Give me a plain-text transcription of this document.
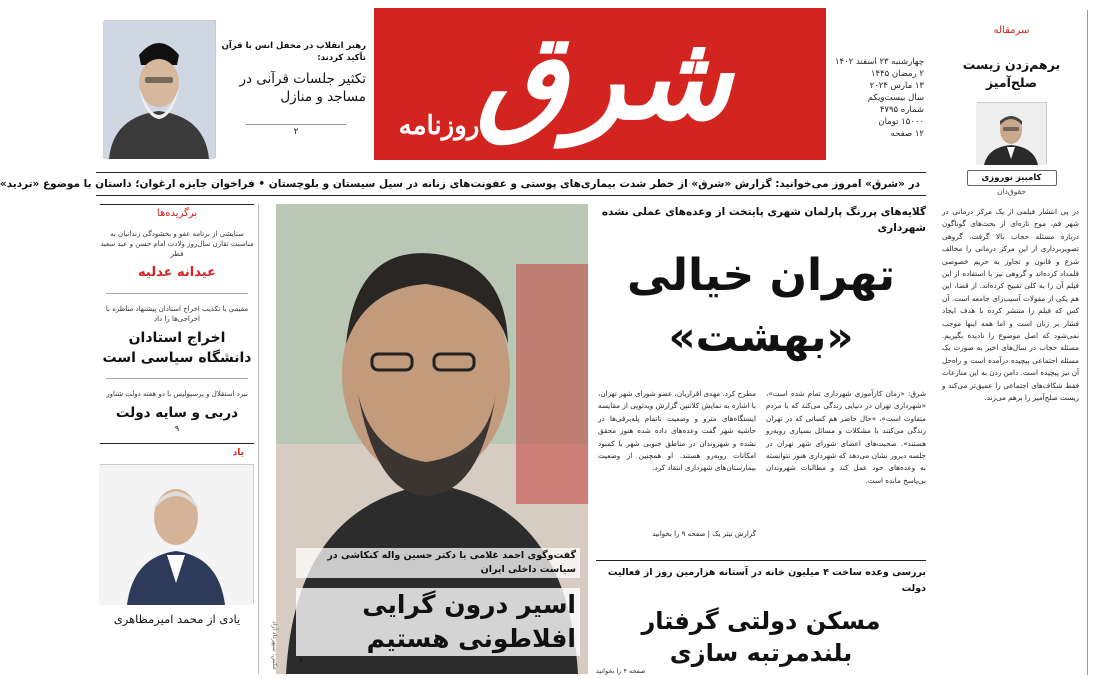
شرق
روزنامه
چهارشنبه ۲۳ اسفند ۱۴۰۲
۲ رمضان ۱۴۴۵
۱۳ مارس ۲۰۲۴
سال بیست‌ویکم
شماره ۴۷۹۵
۱۵۰۰۰ تومان
۱۲ صفحه
رهبر انقلاب در محفل انس با قرآن تأکید کردند:
تکثیر جلسات قرآنی در مساجد و منازل
۲
در «شرق» امروز می‌خوانید: گزارش «شرق» از خطر شدت بیماری‌های پوستی و عفونت‌های زنانه در سیل سیستان و بلوچستان • فراخوان جایزه ارغوان؛ داستان با موضوع «تردید»
سرمقاله
برهم‌زدن زیست صلح‌آمیز
کامبیز نوروزی
حقوق‌دان
در پی انتشار فیلمی از یک مرکز درمانی در شهر قم، موج تازه‌ای از بحث‌های گوناگون درباره مسئله حجاب بالا گرفت. گروهی تصویربرداری از این مرکز درمانی را مخالف شرع و قانون و تجاوز به حریم خصوصی قلمداد کرده‌اند و گروهی نیز با استفاده از این فیلم آن را به کلی تقبیح کرده‌اند. از قضا، این هم یکی از مقولات آسیب‌زای جامعه است. آن کس که فیلم را منتشر کرده با هدف ایجاد فشار بر زنان است و اما همه اینها موجب نمی‌شود که اصل موضوع را نادیده بگیریم. مسئله حجاب در سال‌های اخیر به صورت یک مسئله اجتماعی پیچیده درآمده است و راه‌حل آن نیز پیچیده است. دامن زدن به این منازعات فقط شکاف‌های اجتماعی را عمیق‌تر می‌کند و زیست صلح‌آمیز را برهم می‌زند.
برگزیده‌ها
ستایشی از برنامه عفو و بخشودگی زندانیان به مناسبت تقارن سال‌روز ولادت امام حسن و عید سعید فطر
عیدانه عدلیه
مقیمی با تکذیب اخراج استادان پیشنهاد مناظره با اخراجی‌ها را داد
اخراج استادان دانشگاه سیاسی است
نبرد استقلال و پرسپولیس با دو هفته دولت شناور
دربی و سایه دولت
۹
یاد
یادی از محمد امیرمظاهری
عکس: سپهرداد آزاد
گفت‌وگوی احمد غلامی با دکتر حسین واله کنکاشی در سیاست داخلی ایران
اسیر درون گرایی
افلاطونی هستیم
۶
گلایه‌های پررنگ پارلمان شهری پایتخت از وعده‌های عملی نشده شهرداری
تهران خیالی
«بهشت»
شرق: «زمان کارآموزی شهرداری تمام شده است»، «شهرداری تهران در دنیایی زندگی می‌کند که با مردم متفاوت است»، «حال حاضر هم کسانی که در تهران زندگی می‌کنند با مشکلات و مسائل بسیاری روبه‌رو هستند». صحبت‌های اعضای شورای شهر تهران در جلسه دیروز نشان می‌دهد که شهرداری هنوز نتوانسته به وعده‌های خود عمل کند و مطالبات شهروندان بی‌پاسخ مانده است.
مطرح کرد. مهدی اقراریان، عضو شورای شهر تهران، با اشاره به نمایش کلاتنین گزارش ویدئویی از مقایسه ایستگاه‌های مترو و وضعیت ناتمام پله‌برقی‌ها در حاشیه شهر گفت وعده‌های داده شده هنوز محقق نشده و شهروندان در مناطق جنوبی شهر با کمبود امکانات روبه‌رو هستند. او همچنین از وضعیت بیمارستان‌های شهرداری انتقاد کرد.
گزارش تیتر یک | صفحه ۹ را بخوانید
بررسی وعده ساخت ۴ میلیون خانه در آستانه هزارمین روز از فعالیت دولت
مسکن دولتی گرفتار
بلندمرتبه سازی
صفحه ۴ را بخوانید
